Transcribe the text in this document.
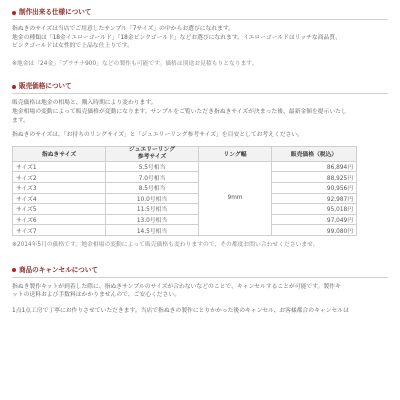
制作出来る仕様について

指ぬきのサイズは当店でご用意したサンプル「7サイズ」の中からお選びになれます。

地金の種類は「18金イエローゴールド」「18金ピンクゴールド」などお選びになれます。イエローゴールドはリッチな商品質、

ピンクゴールドは女性的で上品な仕上りです。

※地金は「24金」「プラチナ900」などの製作も可能です。価格は別途お見積もりとなります。

販売価格について

販売価格は地金の相場と、購入時期により変わります。

地金相場の変動によって販売価格が変動になります。サンプルをご覧いただき指ぬきサイズが決まった後、最新金額を提示いたし

ます。

指ぬきのサイズは、「お持ちのリングサイズ」と「ジュエリーリング参考サイズ」を目安としてお考えください。

指ぬきサイズ	ジュエリーリング
参考サイズ	リング幅	販売価格（税込）
サイズ1	5.5号相当	9mm	86,894円
サイズ2	7.0号相当		88,925円
サイズ3	8.5号相当		90,956円
サイズ4	10.0号相当		92,987円
サイズ5	11.5号相当		95,018円
サイズ6	13.0号相当		97,049円
サイズ7	14.5号相当		99,080円

※2014年5月の価格です。地金相場の変動によって販売価格も変わりますので、その都度お問い合わせくださいませ。

商品のキャンセルについて

指ぬき製作キットが到着した際に、指ぬきサンプルのサイズが合わないなどのことで、キャンセルすることが可能です。製作キ

ットの送料および手数料はかかりませんので、ご安心ください。

1点1点工房で丁寧にお作りさせていただきます。当店で指ぬきの製作にとりかかった後のキャンセル、お客様都合のキャンセルは
